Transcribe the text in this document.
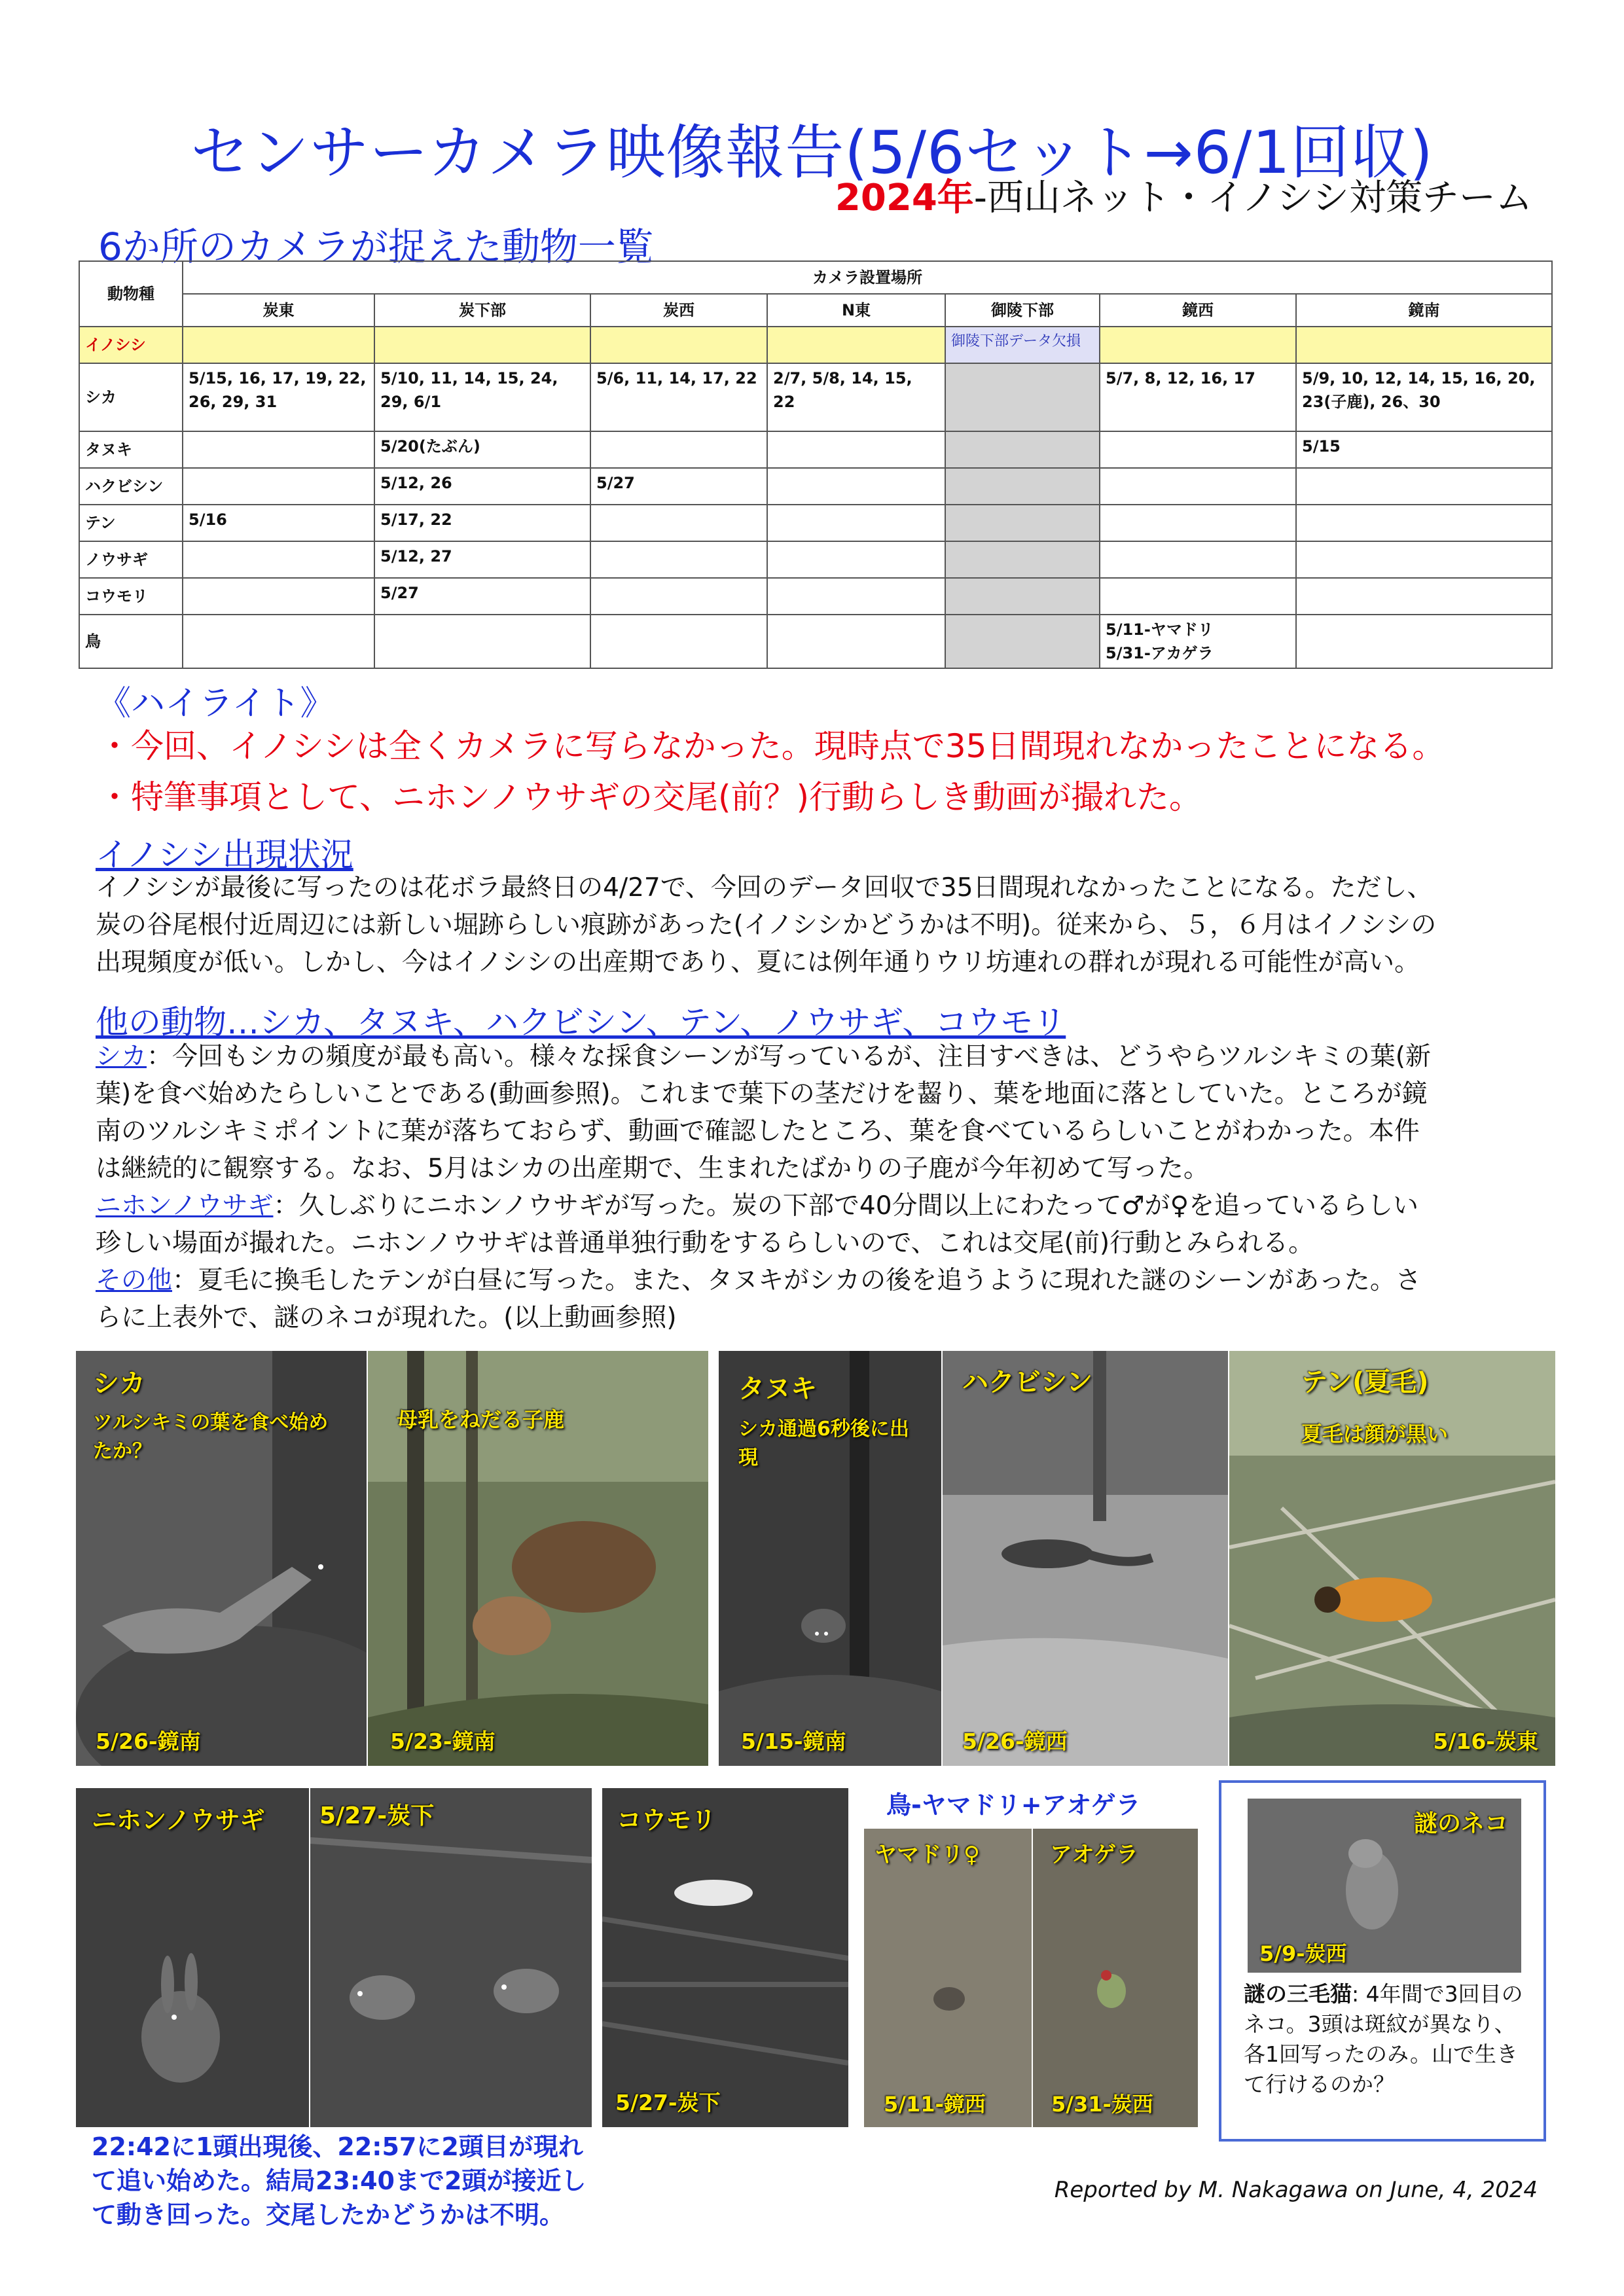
センサーカメラ映像報告(5/6セット→6/1回収)
2024年-西山ネット・イノシシ対策チーム
6か所のカメラが捉えた動物一覧
動物種	カメラ設置場所						
	炭東	炭下部	炭西	N東	御陵下部	鏡西	鏡南
イノシシ					御陵下部データ欠損		
シカ	5/15, 16, 17, 19, 22, 26, 29, 31	5/10, 11, 14, 15, 24, 29, 6/1	5/6, 11, 14, 17, 22	2/7, 5/8, 14, 15, 22		5/7, 8, 12, 16, 17	5/9, 10, 12, 14, 15, 16, 20, 23(子鹿), 26、30
タヌキ		5/20(たぶん)					5/15
ハクビシン		5/12, 26	5/27				
テン	5/16	5/17, 22					
ノウサギ		5/12, 27					
コウモリ		5/27					
鳥						5/11-ヤマドリ
5/31-アカゲラ	

《ハイライト》
・今回、イノシシは全くカメラに写らなかった。現時点で35日間現れなかったことになる。
・特筆事項として、ニホンノウサギの交尾(前？)行動らしき動画が撮れた。
イノシシ出現状況
イノシシが最後に写ったのは花ボラ最終日の4/27で、今回のデータ回収で35日間現れなかったことになる。ただし、
炭の谷尾根付近周辺には新しい堀跡らしい痕跡があった(イノシシかどうかは不明)。従来から、５，６月はイノシシの
出現頻度が低い。しかし、今はイノシシの出産期であり、夏には例年通りウリ坊連れの群れが現れる可能性が高い。
他の動物…シカ、タヌキ、ハクビシン、テン、ノウサギ、コウモリ
シカ：今回もシカの頻度が最も高い。様々な採食シーンが写っているが、注目すべきは、どうやらツルシキミの葉(新
葉)を食べ始めたらしいことである(動画参照)。これまで葉下の茎だけを齧り、葉を地面に落としていた。ところが鏡
南のツルシキミポイントに葉が落ちておらず、動画で確認したところ、葉を食べているらしいことがわかった。本件
は継続的に観察する。なお、5月はシカの出産期で、生まれたばかりの子鹿が今年初めて写った。
ニホンノウサギ：久しぶりにニホンノウサギが写った。炭の下部で40分間以上にわたって♂が♀を追っているらしい
珍しい場面が撮れた。ニホンノウサギは普通単独行動をするらしいので、これは交尾(前)行動とみられる。
その他：夏毛に換毛したテンが白昼に写った。また、タヌキがシカの後を追うように現れた謎のシーンがあった。さ
らに上表外で、謎のネコが現れた。(以上動画参照)
シカ
ツルシキミの葉を食べ始めたか？
5/26-鏡南
母乳をねだる子鹿
5/23-鏡南
タヌキ
シカ通過6秒後に出現
5/15-鏡南
ハクビシン
5/26-鏡西
テン(夏毛)
夏毛は顔が黒い
5/16-炭東
ニホンノウサギ 5/27-炭下	コウモリ
5/27-炭下
鳥-ヤマドリ+アオゲラ
ヤマドリ♀
5/11-鏡西
アオゲラ
5/31-炭西
謎のネコ
5/9-炭西
謎の三毛猫: 4年間で3回目のネコ。3頭は斑紋が異なり、各1回写ったのみ。山で生きて行けるのか？
22:42に1頭出現後、22:57に2頭目が現れて追い始めた。結局23:40まで2頭が接近して動き回った。交尾したかどうかは不明。
Reported by M. Nakagawa on June, 4, 2024
